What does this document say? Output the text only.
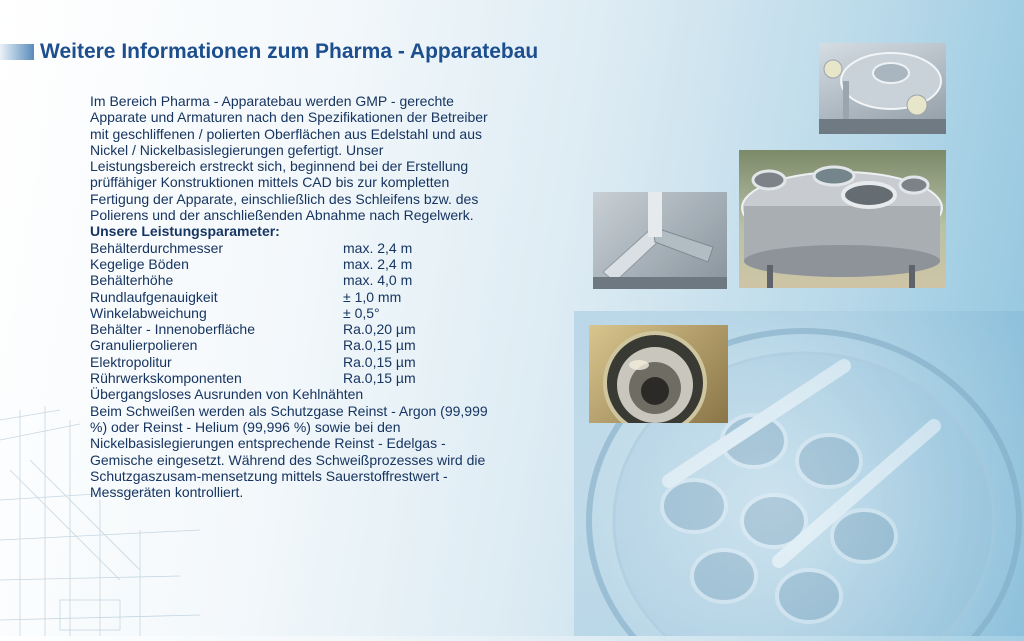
Weitere Informationen zum Pharma - Apparatebau

Im Bereich Pharma - Apparatebau werden GMP - gerechte Apparate und Armaturen nach den Spezifikationen der Betreiber mit geschliffenen / polierten Oberflächen aus Edelstahl und aus Nickel / Nickelbasislegierungen gefertigt. Unser Leistungsbereich erstreckt sich, beginnend bei der Erstellung prüffähiger Konstruktionen mittels CAD bis zur kompletten Fertigung der Apparate, einschließlich des Schleifens bzw. des Polierens und der anschließenden Abnahme nach Regelwerk.

Unsere Leistungsparameter:

Behälterdurchmesser	max. 2,4 m
Kegelige Böden	max. 2,4 m
Behälterhöhe	max. 4,0 m
Rundlaufgenauigkeit	± 1,0 mm
Winkelabweichung	± 0,5°
Behälter - Innenoberfläche	Ra.0,20 µm
Granulierpolieren	Ra.0,15 µm
Elektropolitur	Ra.0,15 µm
Rührwerkskomponenten	Ra.0,15 µm

Übergangsloses Ausrunden von Kehlnähten

Beim Schweißen werden als Schutzgase Reinst - Argon (99,999 %) oder Reinst - Helium (99,996 %) sowie bei den Nickelbasislegierungen entsprechende Reinst - Edelgas - Gemische eingesetzt. Während des Schweißprozesses wird die Schutzgaszusam-mensetzung mittels Sauerstoffrestwert - Messgeräten kontrolliert.
